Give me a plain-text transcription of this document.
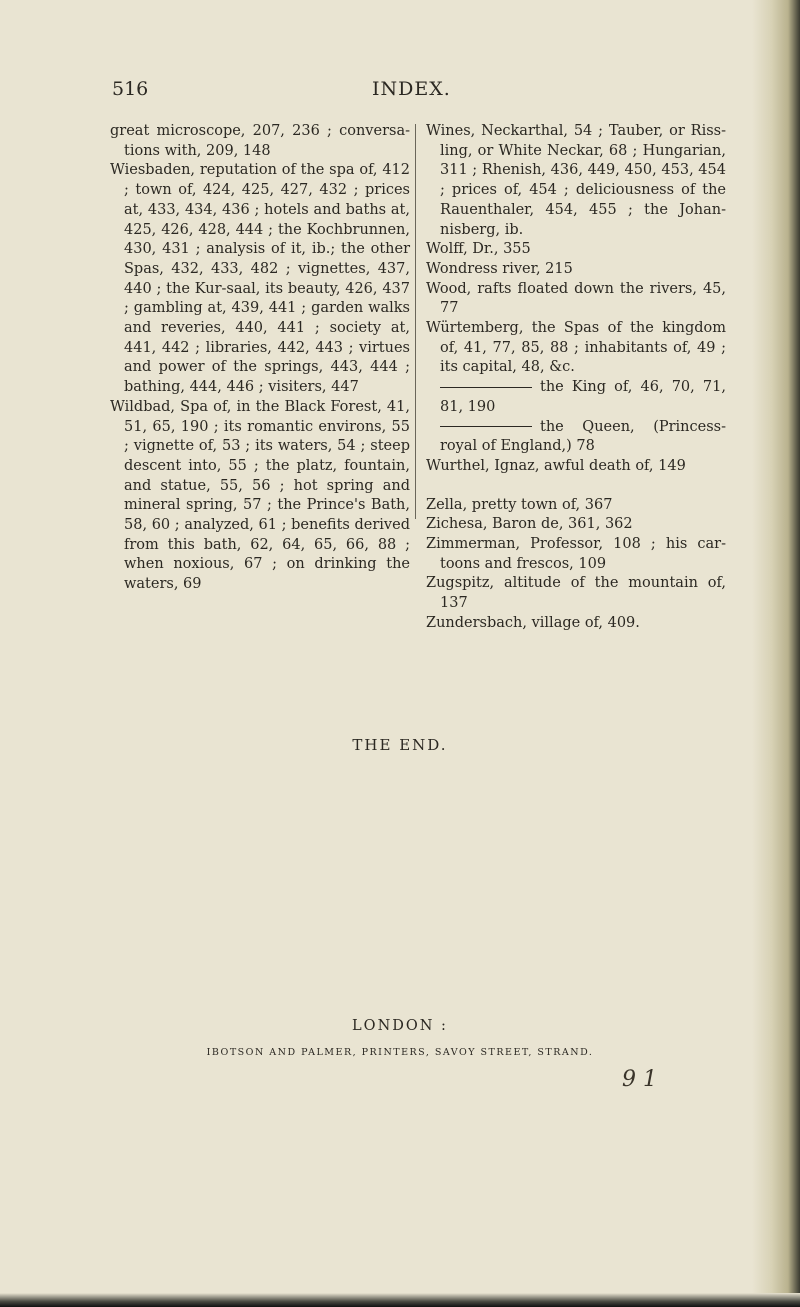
516	INDEX.

great microscope, 207, 236 ; conversations with, 209, 148

Wiesbaden, reputation of the spa of, 412 ; town of, 424, 425, 427, 432 ; prices at, 433, 434, 436 ; hotels and baths at, 425, 426, 428, 444 ; the Kochbrunnen, 430, 431 ; analysis of it, ib.; the other Spas, 432, 433, 482 ; vignettes, 437, 440 ; the Kur-saal, its beauty, 426, 437 ; gambling at, 439, 441 ; garden walks and reveries, 440, 441 ; society at, 441, 442 ; libraries, 442, 443 ; virtues and power of the springs, 443, 444 ; bathing, 444, 446 ; visiters, 447

Wildbad, Spa of, in the Black Forest, 41, 51, 65, 190 ; its romantic environs, 55 ; vignette of, 53 ; its waters, 54 ; steep descent into, 55 ; the platz, fountain, and statue, 55, 56 ; hot spring and mineral spring, 57 ; the Prince's Bath, 58, 60 ; analyzed, 61 ; benefits derived from this bath, 62, 64, 65, 66, 88 ; when noxious, 67 ; on drinking the waters, 69

Wines, Neckarthal, 54 ; Tauber, or Rissling, or White Neckar, 68 ; Hungarian, 311 ; Rhenish, 436, 449, 450, 453, 454 ; prices of, 454 ; deliciousness of the Rauenthaler, 454, 455 ; the Johannisberg, ib.

Wolff, Dr., 355

Wondress river, 215

Wood, rafts floated down the rivers, 45, 77

Würtemberg, the Spas of the kingdom of, 41, 77, 85, 88 ; inhabitants of, 49 ; its capital, 48, &c.

the King of, 46, 70, 71, 81, 190

the Queen, (Princess-royal of England,) 78

Wurthel, Ignaz, awful death of, 149

Zella, pretty town of, 367

Zichesa, Baron de, 361, 362

Zimmerman, Professor, 108 ; his cartoons and frescos, 109

Zugspitz, altitude of the mountain of, 137

Zundersbach, village of, 409.

THE END.
LONDON :
IBOTSON AND PALMER, PRINTERS, SAVOY STREET, STRAND.
9 1
